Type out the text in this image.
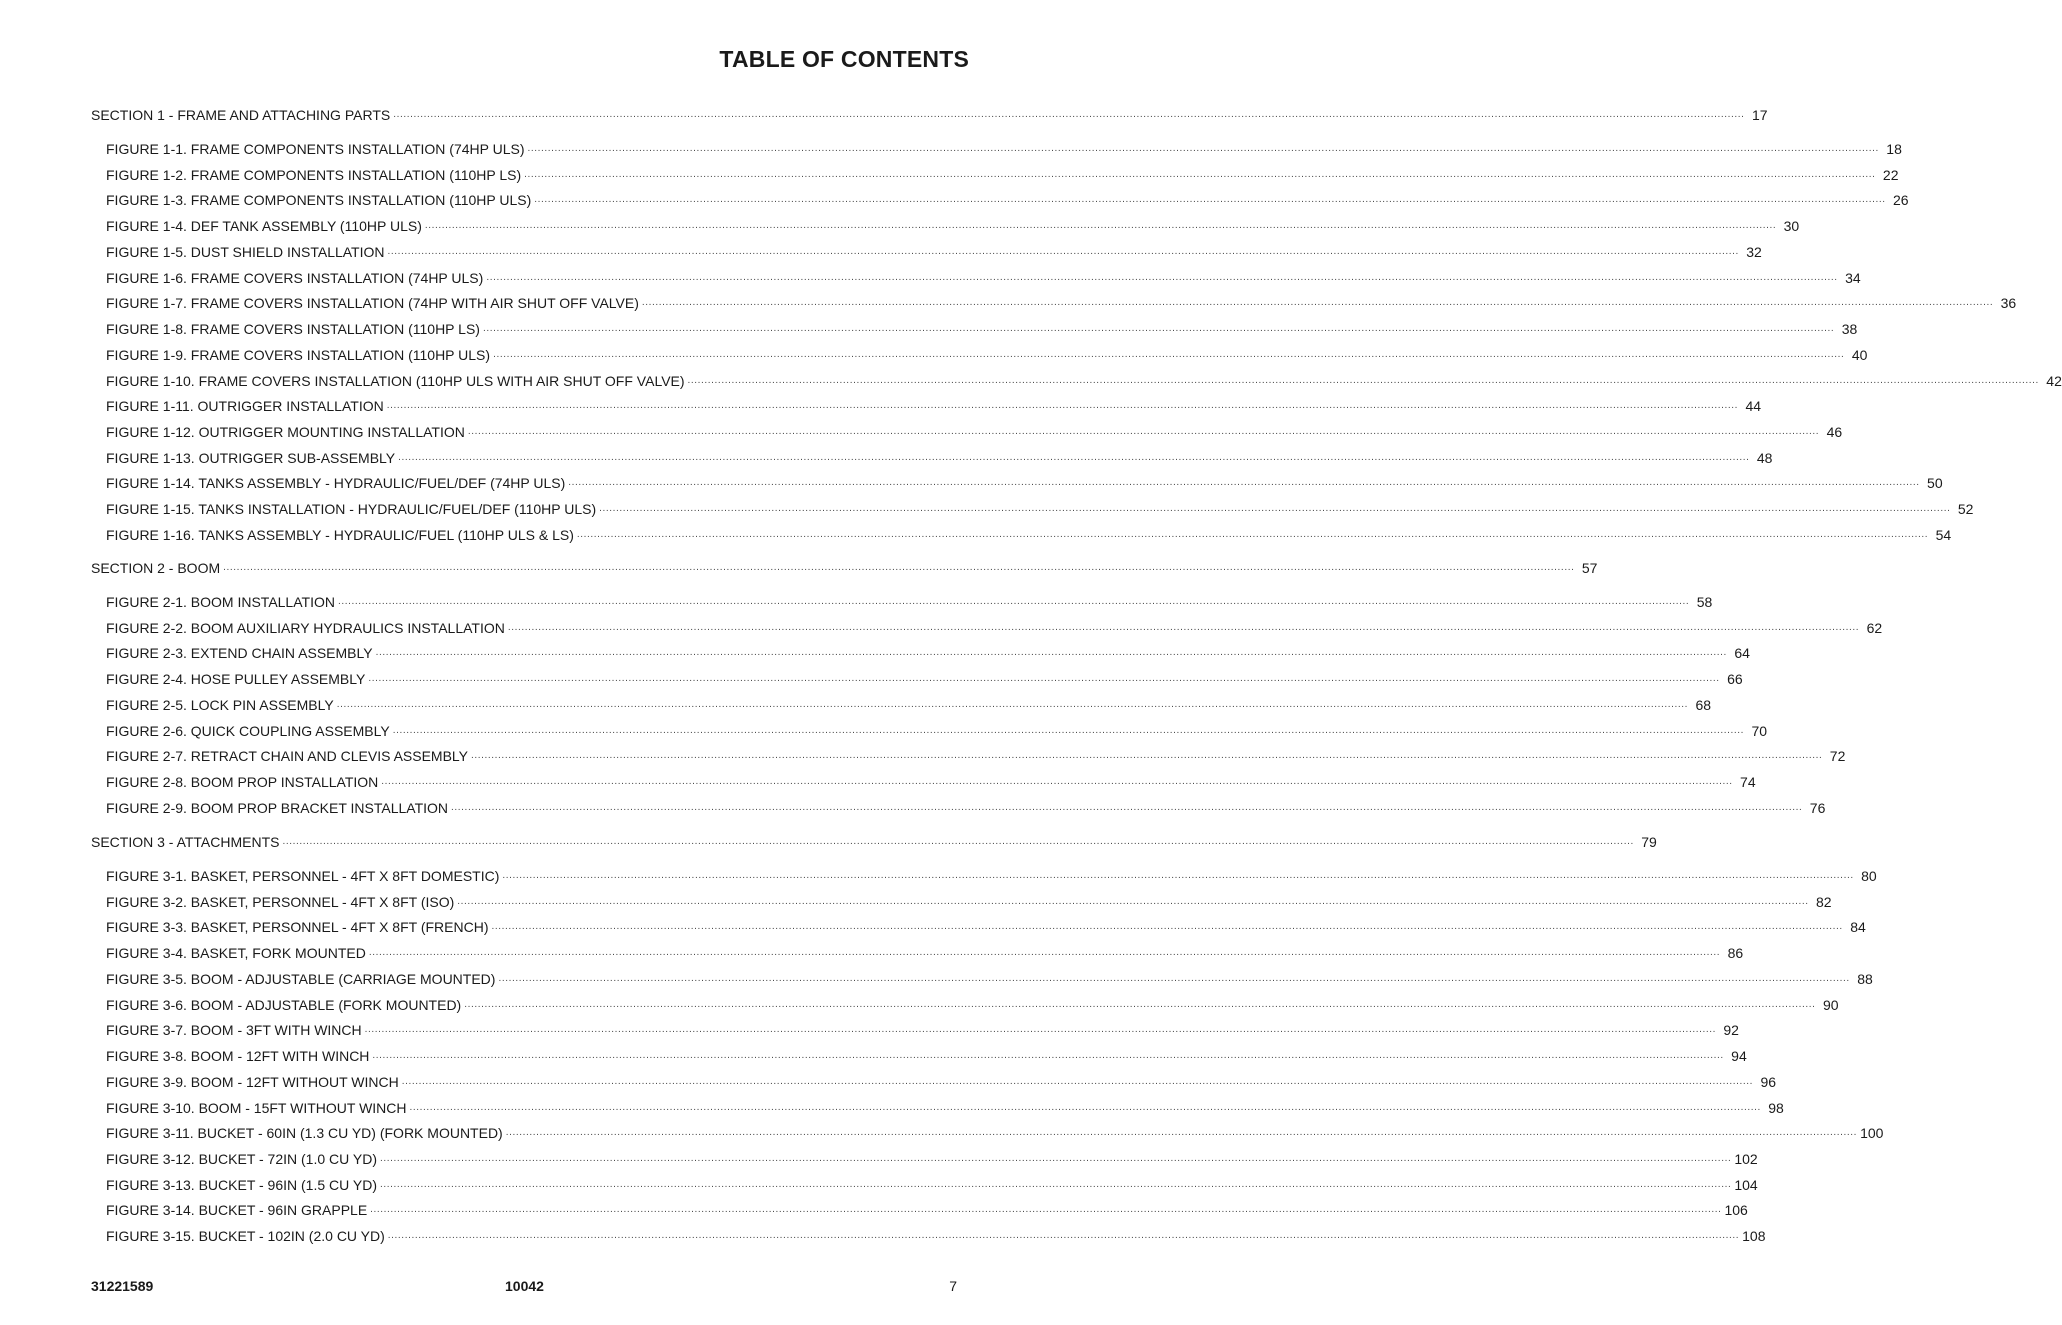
TABLE OF CONTENTS
SECTION 1 - FRAME AND ATTACHING PARTS ................................................................................................................................................................................................................................................................................................................................................................................................................ 17
FIGURE 1-1. FRAME COMPONENTS INSTALLATION (74HP ULS) ................................................................................................................................................................................................................................................................................................................................................................................................................ 18
FIGURE 1-2. FRAME COMPONENTS INSTALLATION (110HP LS) ................................................................................................................................................................................................................................................................................................................................................................................................................ 22
FIGURE 1-3. FRAME COMPONENTS INSTALLATION (110HP ULS) ................................................................................................................................................................................................................................................................................................................................................................................................................ 26
FIGURE 1-4. DEF TANK ASSEMBLY (110HP ULS) ................................................................................................................................................................................................................................................................................................................................................................................................................ 30
FIGURE 1-5. DUST SHIELD INSTALLATION ................................................................................................................................................................................................................................................................................................................................................................................................................ 32
FIGURE 1-6. FRAME COVERS INSTALLATION (74HP ULS) ................................................................................................................................................................................................................................................................................................................................................................................................................ 34
FIGURE 1-7. FRAME COVERS INSTALLATION (74HP WITH AIR SHUT OFF VALVE) ................................................................................................................................................................................................................................................................................................................................................................................................................ 36
FIGURE 1-8. FRAME COVERS INSTALLATION (110HP LS) ................................................................................................................................................................................................................................................................................................................................................................................................................ 38
FIGURE 1-9. FRAME COVERS INSTALLATION (110HP ULS) ................................................................................................................................................................................................................................................................................................................................................................................................................ 40
FIGURE 1-10. FRAME COVERS INSTALLATION (110HP ULS WITH AIR SHUT OFF VALVE) ................................................................................................................................................................................................................................................................................................................................................................................................................ 42
FIGURE 1-11. OUTRIGGER INSTALLATION ................................................................................................................................................................................................................................................................................................................................................................................................................ 44
FIGURE 1-12. OUTRIGGER MOUNTING INSTALLATION ................................................................................................................................................................................................................................................................................................................................................................................................................ 46
FIGURE 1-13. OUTRIGGER SUB-ASSEMBLY ................................................................................................................................................................................................................................................................................................................................................................................................................ 48
FIGURE 1-14. TANKS ASSEMBLY - HYDRAULIC/FUEL/DEF (74HP ULS) ................................................................................................................................................................................................................................................................................................................................................................................................................ 50
FIGURE 1-15. TANKS INSTALLATION - HYDRAULIC/FUEL/DEF (110HP ULS) ................................................................................................................................................................................................................................................................................................................................................................................................................ 52
FIGURE 1-16. TANKS ASSEMBLY - HYDRAULIC/FUEL (110HP ULS & LS) ................................................................................................................................................................................................................................................................................................................................................................................................................ 54
SECTION 2 - BOOM ................................................................................................................................................................................................................................................................................................................................................................................................................ 57
FIGURE 2-1. BOOM INSTALLATION ................................................................................................................................................................................................................................................................................................................................................................................................................ 58
FIGURE 2-2. BOOM AUXILIARY HYDRAULICS INSTALLATION ................................................................................................................................................................................................................................................................................................................................................................................................................ 62
FIGURE 2-3. EXTEND CHAIN ASSEMBLY ................................................................................................................................................................................................................................................................................................................................................................................................................ 64
FIGURE 2-4. HOSE PULLEY ASSEMBLY ................................................................................................................................................................................................................................................................................................................................................................................................................ 66
FIGURE 2-5. LOCK PIN ASSEMBLY ................................................................................................................................................................................................................................................................................................................................................................................................................ 68
FIGURE 2-6. QUICK COUPLING ASSEMBLY ................................................................................................................................................................................................................................................................................................................................................................................................................ 70
FIGURE 2-7. RETRACT CHAIN AND CLEVIS ASSEMBLY ................................................................................................................................................................................................................................................................................................................................................................................................................ 72
FIGURE 2-8. BOOM PROP INSTALLATION ................................................................................................................................................................................................................................................................................................................................................................................................................ 74
FIGURE 2-9. BOOM PROP BRACKET INSTALLATION ................................................................................................................................................................................................................................................................................................................................................................................................................ 76
SECTION 3 - ATTACHMENTS ................................................................................................................................................................................................................................................................................................................................................................................................................ 79
FIGURE 3-1. BASKET, PERSONNEL - 4FT X 8FT DOMESTIC) ................................................................................................................................................................................................................................................................................................................................................................................................................ 80
FIGURE 3-2. BASKET, PERSONNEL - 4FT X 8FT (ISO) ................................................................................................................................................................................................................................................................................................................................................................................................................ 82
FIGURE 3-3. BASKET, PERSONNEL - 4FT X 8FT (FRENCH) ................................................................................................................................................................................................................................................................................................................................................................................................................ 84
FIGURE 3-4. BASKET, FORK MOUNTED ................................................................................................................................................................................................................................................................................................................................................................................................................ 86
FIGURE 3-5. BOOM - ADJUSTABLE (CARRIAGE MOUNTED) ................................................................................................................................................................................................................................................................................................................................................................................................................ 88
FIGURE 3-6. BOOM - ADJUSTABLE (FORK MOUNTED) ................................................................................................................................................................................................................................................................................................................................................................................................................ 90
FIGURE 3-7. BOOM - 3FT WITH WINCH ................................................................................................................................................................................................................................................................................................................................................................................................................ 92
FIGURE 3-8. BOOM - 12FT WITH WINCH ................................................................................................................................................................................................................................................................................................................................................................................................................ 94
FIGURE 3-9. BOOM - 12FT WITHOUT WINCH ................................................................................................................................................................................................................................................................................................................................................................................................................ 96
FIGURE 3-10. BOOM - 15FT WITHOUT WINCH ................................................................................................................................................................................................................................................................................................................................................................................................................ 98
FIGURE 3-11. BUCKET - 60IN (1.3 CU YD) (FORK MOUNTED) ................................................................................................................................................................................................................................................................................................................................................................................................................ 100
FIGURE 3-12. BUCKET - 72IN (1.0 CU YD) ................................................................................................................................................................................................................................................................................................................................................................................................................ 102
FIGURE 3-13. BUCKET - 96IN (1.5 CU YD) ................................................................................................................................................................................................................................................................................................................................................................................................................ 104
FIGURE 3-14. BUCKET - 96IN GRAPPLE ................................................................................................................................................................................................................................................................................................................................................................................................................ 106
FIGURE 3-15. BUCKET - 102IN (2.0 CU YD) ................................................................................................................................................................................................................................................................................................................................................................................................................ 108
31221589	10042	7
